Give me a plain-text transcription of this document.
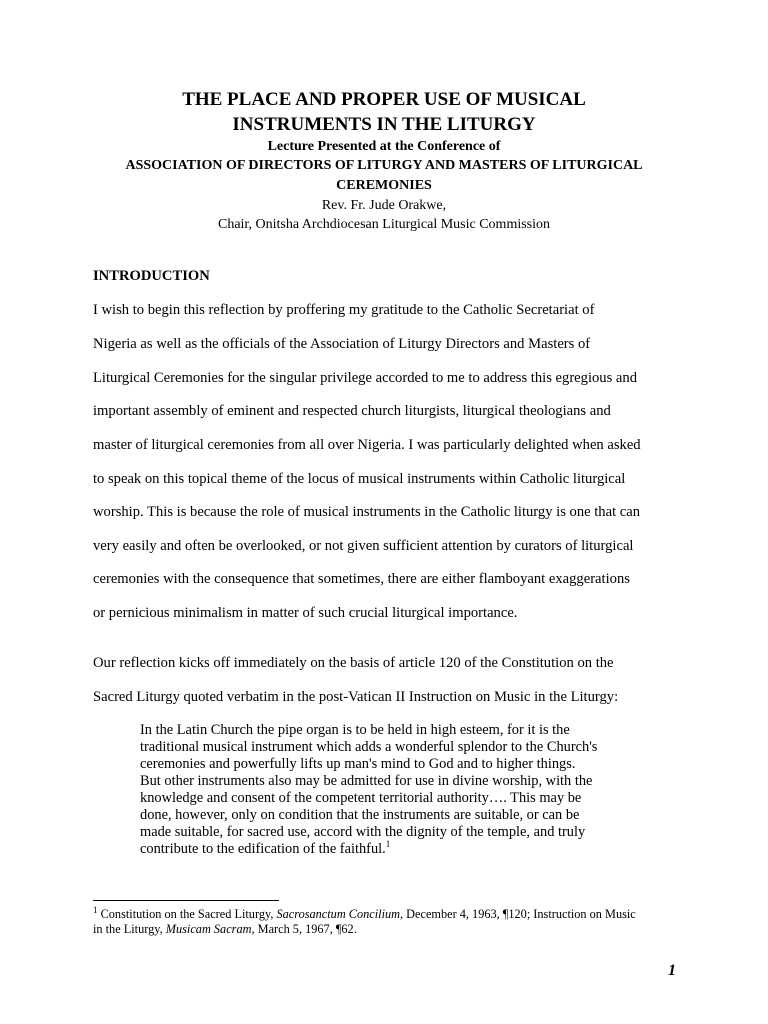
THE PLACE AND PROPER USE OF MUSICAL
INSTRUMENTS IN THE LITURGY
Lecture Presented at the Conference of
ASSOCIATION OF DIRECTORS OF LITURGY AND MASTERS OF LITURGICAL
CEREMONIES
Rev. Fr. Jude Orakwe,
Chair, Onitsha Archdiocesan Liturgical Music Commission
INTRODUCTION
I wish to begin this reflection by proffering my gratitude to the Catholic Secretariat of
Nigeria as well as the officials of the Association of Liturgy Directors and Masters of
Liturgical Ceremonies for the singular privilege accorded to me to address this egregious and
important assembly of eminent and respected church liturgists, liturgical theologians and
master of liturgical ceremonies from all over Nigeria. I was particularly delighted when asked
to speak on this topical theme of the locus of musical instruments within Catholic liturgical
worship. This is because the role of musical instruments in the Catholic liturgy is one that can
very easily and often be overlooked, or not given sufficient attention by curators of liturgical
ceremonies with the consequence that sometimes, there are either flamboyant exaggerations
or pernicious minimalism in matter of such crucial liturgical importance.
Our reflection kicks off immediately on the basis of article 120 of the Constitution on the
Sacred Liturgy quoted verbatim in the post-Vatican II Instruction on Music in the Liturgy:
In the Latin Church the pipe organ is to be held in high esteem, for it is the
traditional musical instrument which adds a wonderful splendor to the Church's
ceremonies and powerfully lifts up man's mind to God and to higher things.
But other instruments also may be admitted for use in divine worship, with the
knowledge and consent of the competent territorial authority…. This may be
done, however, only on condition that the instruments are suitable, or can be
made suitable, for sacred use, accord with the dignity of the temple, and truly
contribute to the edification of the faithful.$^1$
$^1$ Constitution on the Sacred Liturgy, Sacrosanctum Concilium, December 4, 1963, ¶120; Instruction on Music
in the Liturgy, Musicam Sacram, March 5, 1967, ¶62.
1
